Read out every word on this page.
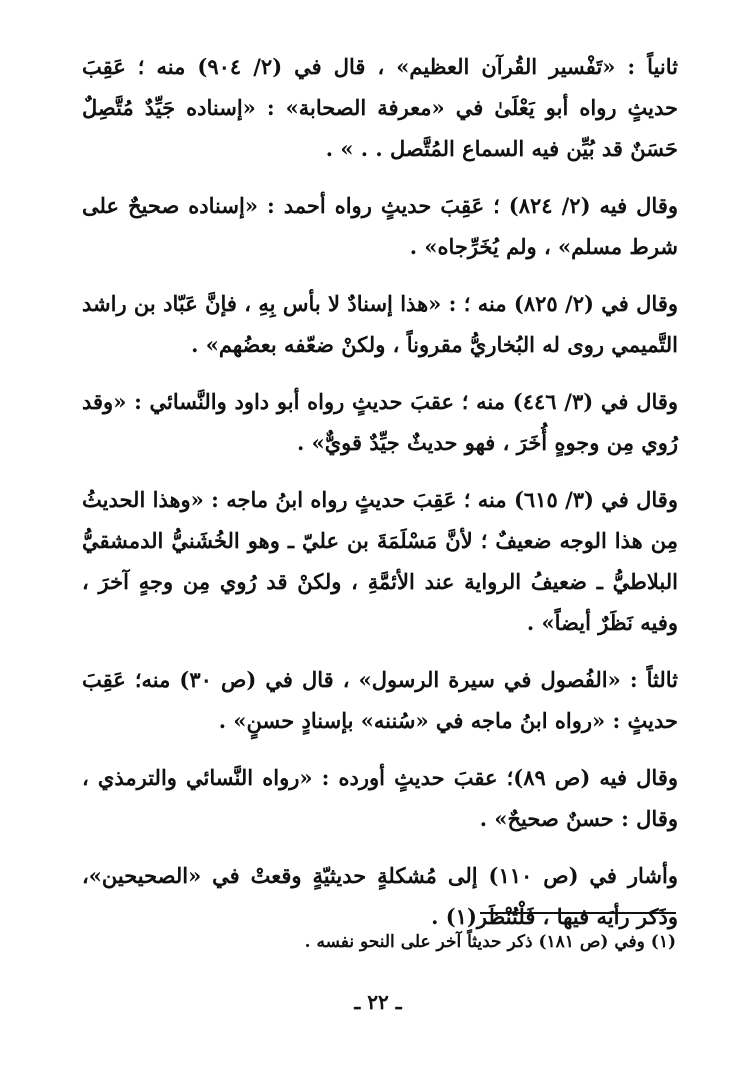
ثانياً : «تَفْسير القُرآن العظيم» ، قال في (٢/ ٩٠٤) منه ؛ عَقِبَ حديثٍ رواه أبو يَعْلَىٰ في «معرفة الصحابة» : «إسناده جَيِّدٌ مُتَّصِلٌ حَسَنٌ قد بُيِّن فيه السماع المُتَّصل . . » .

وقال فيه (٢/ ٨٢٤) ؛ عَقِبَ حديثٍ رواه أحمد : «إسناده صحيحٌ على شرط مسلم» ، ولم يُخَرِّجاه» .

وقال في (٢/ ٨٢٥) منه ؛ : «هذا إسنادٌ لا بأس بِهِ ، فإنَّ عَبّاد بن راشد التَّميمي روى له البُخاريُّ مقروناً ، ولكنْ ضعّفه بعضُهم» .

وقال في (٣/ ٤٤٦) منه ؛ عقبَ حديثٍ رواه أبو داود والنَّسائي : «وقد رُوي مِن وجوهٍ أُخَرَ ، فهو حديثٌ جيِّدٌ قويٌّ» .

وقال في (٣/ ٦١٥) منه ؛ عَقِبَ حديثٍ رواه ابنُ ماجه : «وهذا الحديثُ مِن هذا الوجه ضعيفٌ ؛ لأنَّ مَسْلَمَةَ بن عليّ ـ وهو الخُشَنيُّ الدمشقيُّ البلاطيُّ ـ ضعيفُ الرواية عند الأئمَّةِ ، ولكنْ قد رُوي مِن وجهٍ آخرَ ، وفيه نَظَرٌ أيضاً» .

ثالثاً : «الفُصول في سيرة الرسول» ، قال في (ص ٣٠) منه؛ عَقِبَ حديثٍ : «رواه ابنُ ماجه في «سُننه» بإسنادٍ حسنٍ» .

وقال فيه (ص ٨٩)؛ عقبَ حديثٍ أورده : «رواه النَّسائي والترمذي ، وقال : حسنٌ صحيحٌ» .

وأشار في (ص ١١٠) إلى مُشكلةٍ حديثيّةٍ وقعتْ في «الصحيحين»، وذَكر رأيَه فيها ، فَلْتُنْظَر(١) .

(١) وفي (ص ١٨١) ذكر حديثاً آخر على النحو نفسه .

ـ ٢٢ ـ
